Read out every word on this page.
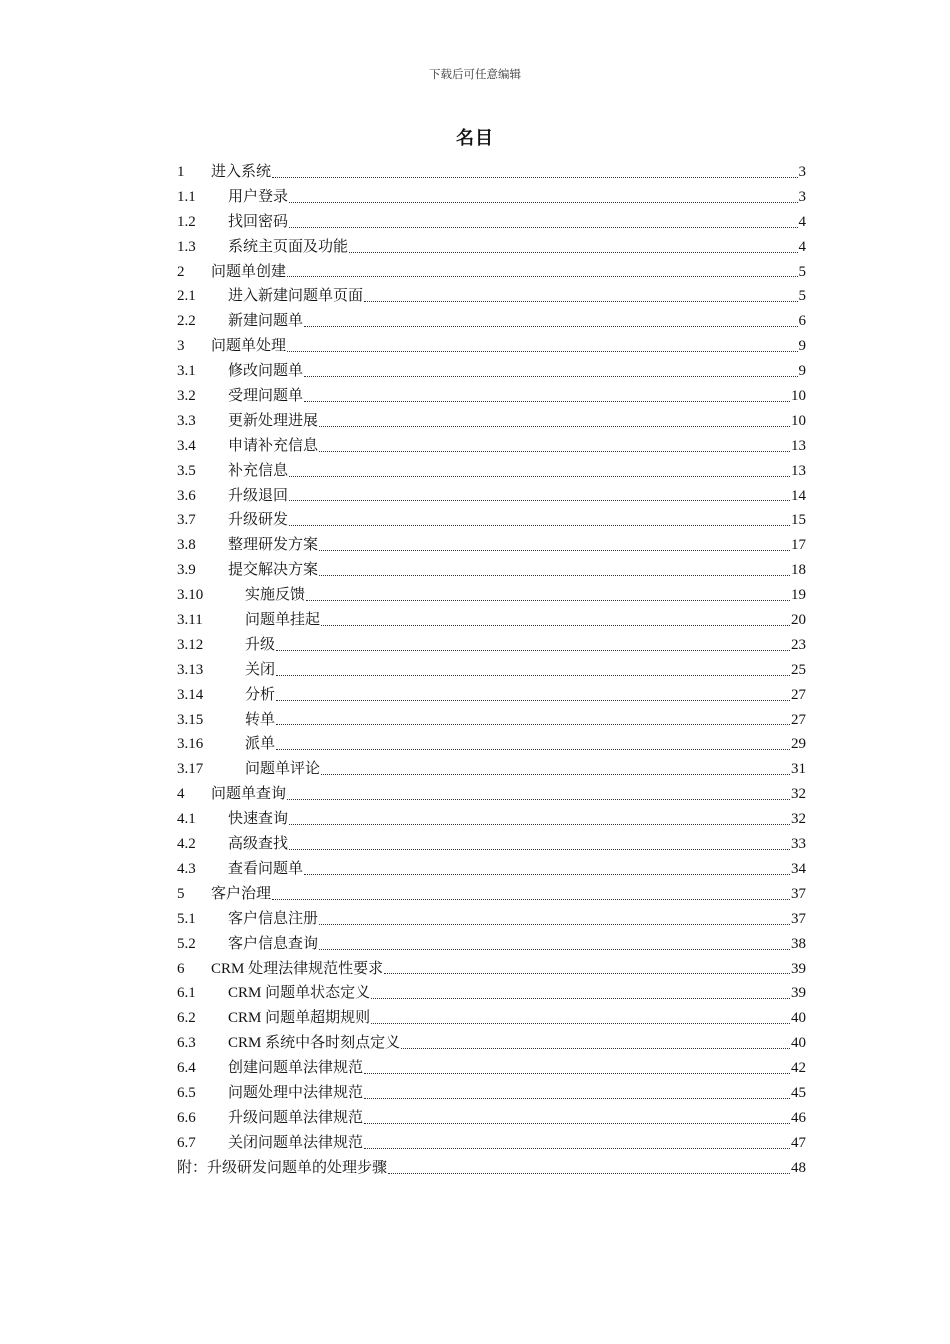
下载后可任意编辑
名目
1	进入系统	3
1.1	用户登录	3
1.2	找回密码	4
1.3	系统主页面及功能	4
2	问题单创建	5
2.1	进入新建问题单页面	5
2.2	新建问题单	6
3	问题单处理	9
3.1	修改问题单	9
3.2	受理问题单	10
3.3	更新处理进展	10
3.4	申请补充信息	13
3.5	补充信息	13
3.6	升级退回	14
3.7	升级研发	15
3.8	整理研发方案	17
3.9	提交解决方案	18
3.10	实施反馈	19
3.11	问题单挂起	20
3.12	升级	23
3.13	关闭	25
3.14	分析	27
3.15	转单	27
3.16	派单	29
3.17	问题单评论	31
4	问题单查询	32
4.1	快速查询	32
4.2	高级查找	33
4.3	查看问题单	34
5	客户治理	37
5.1	客户信息注册	37
5.2	客户信息查询	38
6	CRM 处理法律规范性要求	39
6.1	CRM 问题单状态定义	39
6.2	CRM 问题单超期规则	40
6.3	CRM 系统中各时刻点定义	40
6.4	创建问题单法律规范	42
6.5	问题处理中法律规范	45
6.6	升级问题单法律规范	46
6.7	关闭问题单法律规范	47
附：升级研发问题单的处理步骤	48
